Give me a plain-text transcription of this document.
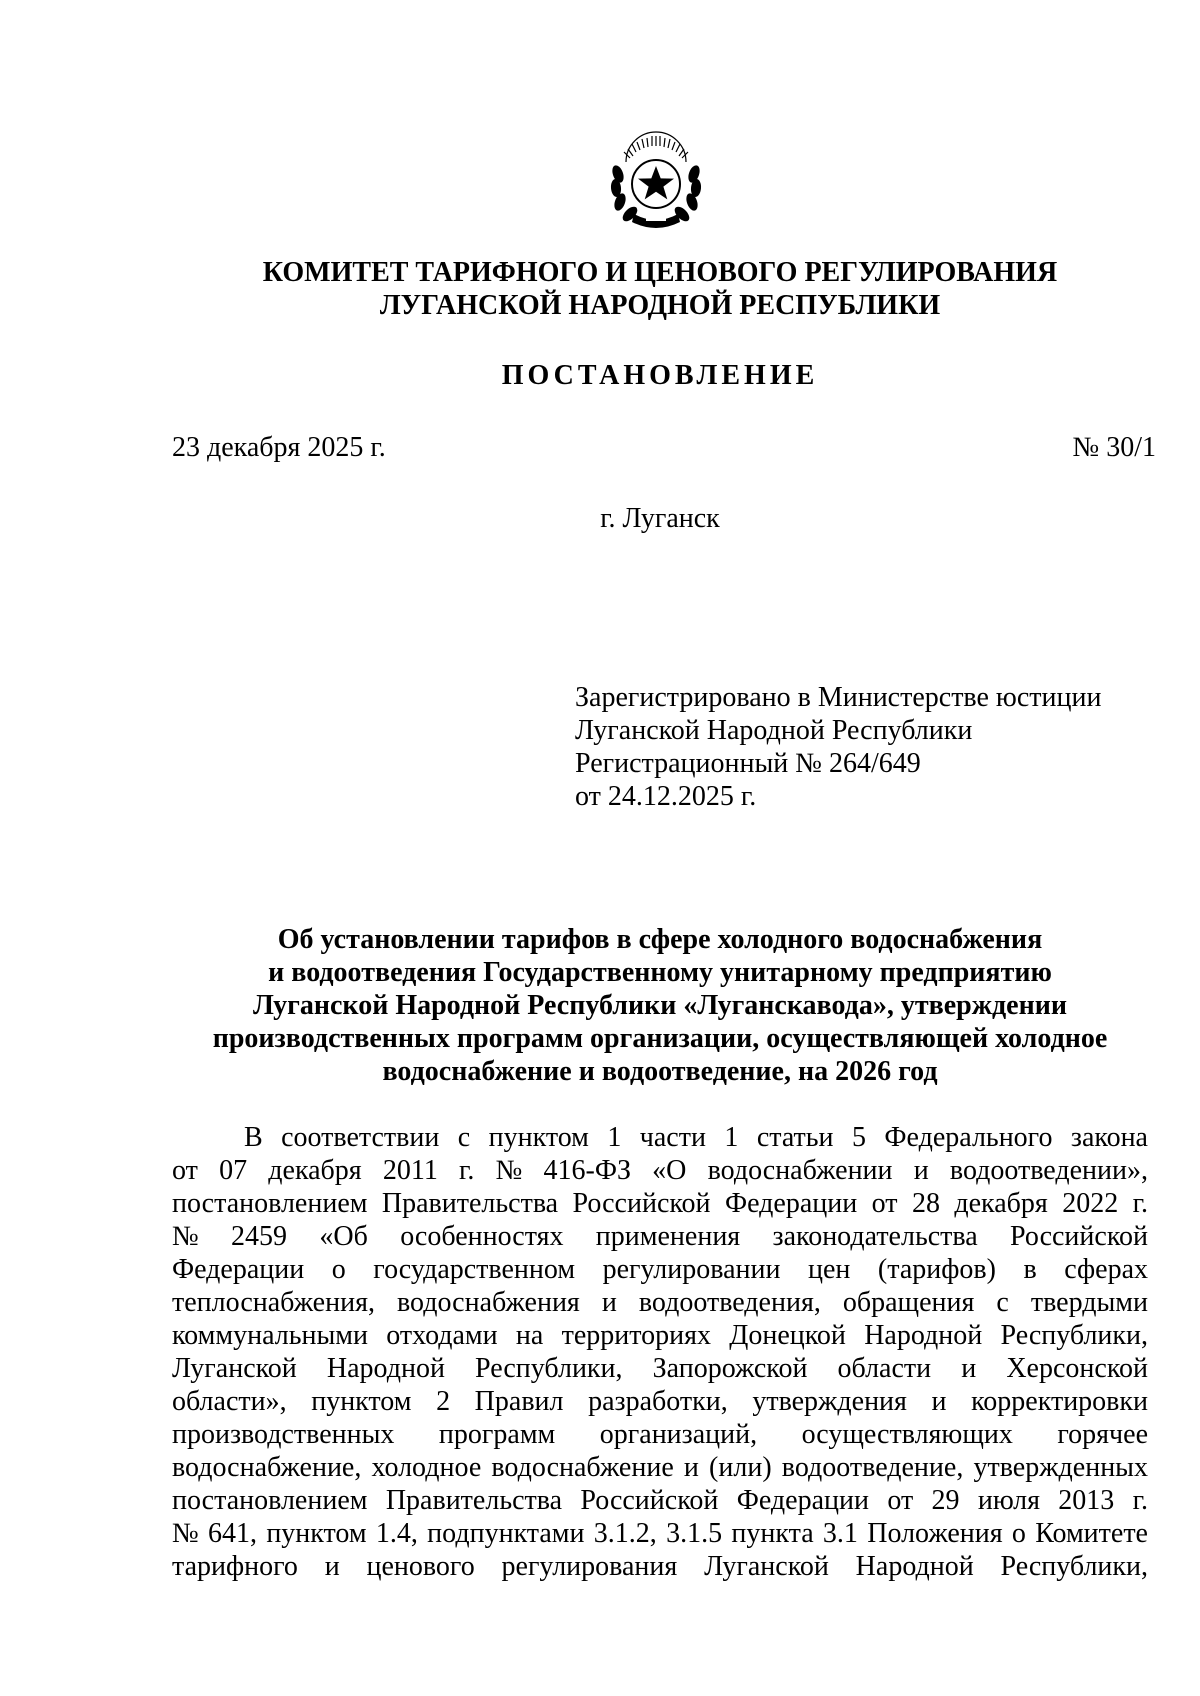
КОМИТЕТ ТАРИФНОГО И ЦЕНОВОГО РЕГУЛИРОВАНИЯ
ЛУГАНСКОЙ НАРОДНОЙ РЕСПУБЛИКИ
ПОСТАНОВЛЕНИЕ
23 декабря 2025 г.	№ 30/1
г. Луганск
Зарегистрировано в Министерстве юстиции
Луганской Народной Республики
Регистрационный № 264/649
от 24.12.2025 г.
Об установлении тарифов в сфере холодного водоснабжения
и водоотведения Государственному унитарному предприятию
Луганской Народной Республики «Луганскавода», утверждении
производственных программ организации, осуществляющей холодное
водоснабжение и водоотведение, на 2026 год
В соответствии с пунктом 1 части 1 статьи 5 Федерального закона
от 07 декабря 2011 г. № 416-ФЗ «О водоснабжении и водоотведении»,
постановлением Правительства Российской Федерации от 28 декабря 2022 г.
№ 2459 «Об особенностях применения законодательства Российской
Федерации о государственном регулировании цен (тарифов) в сферах
теплоснабжения, водоснабжения и водоотведения, обращения с твердыми
коммунальными отходами на территориях Донецкой Народной Республики,
Луганской Народной Республики, Запорожской области и Херсонской
области», пунктом 2 Правил разработки, утверждения и корректировки
производственных программ организаций, осуществляющих горячее
водоснабжение, холодное водоснабжение и (или) водоотведение, утвержденных
постановлением Правительства Российской Федерации от 29 июля 2013 г.
№ 641, пунктом 1.4, подпунктами 3.1.2, 3.1.5 пункта 3.1 Положения о Комитете
тарифного и ценового регулирования Луганской Народной Республики,
